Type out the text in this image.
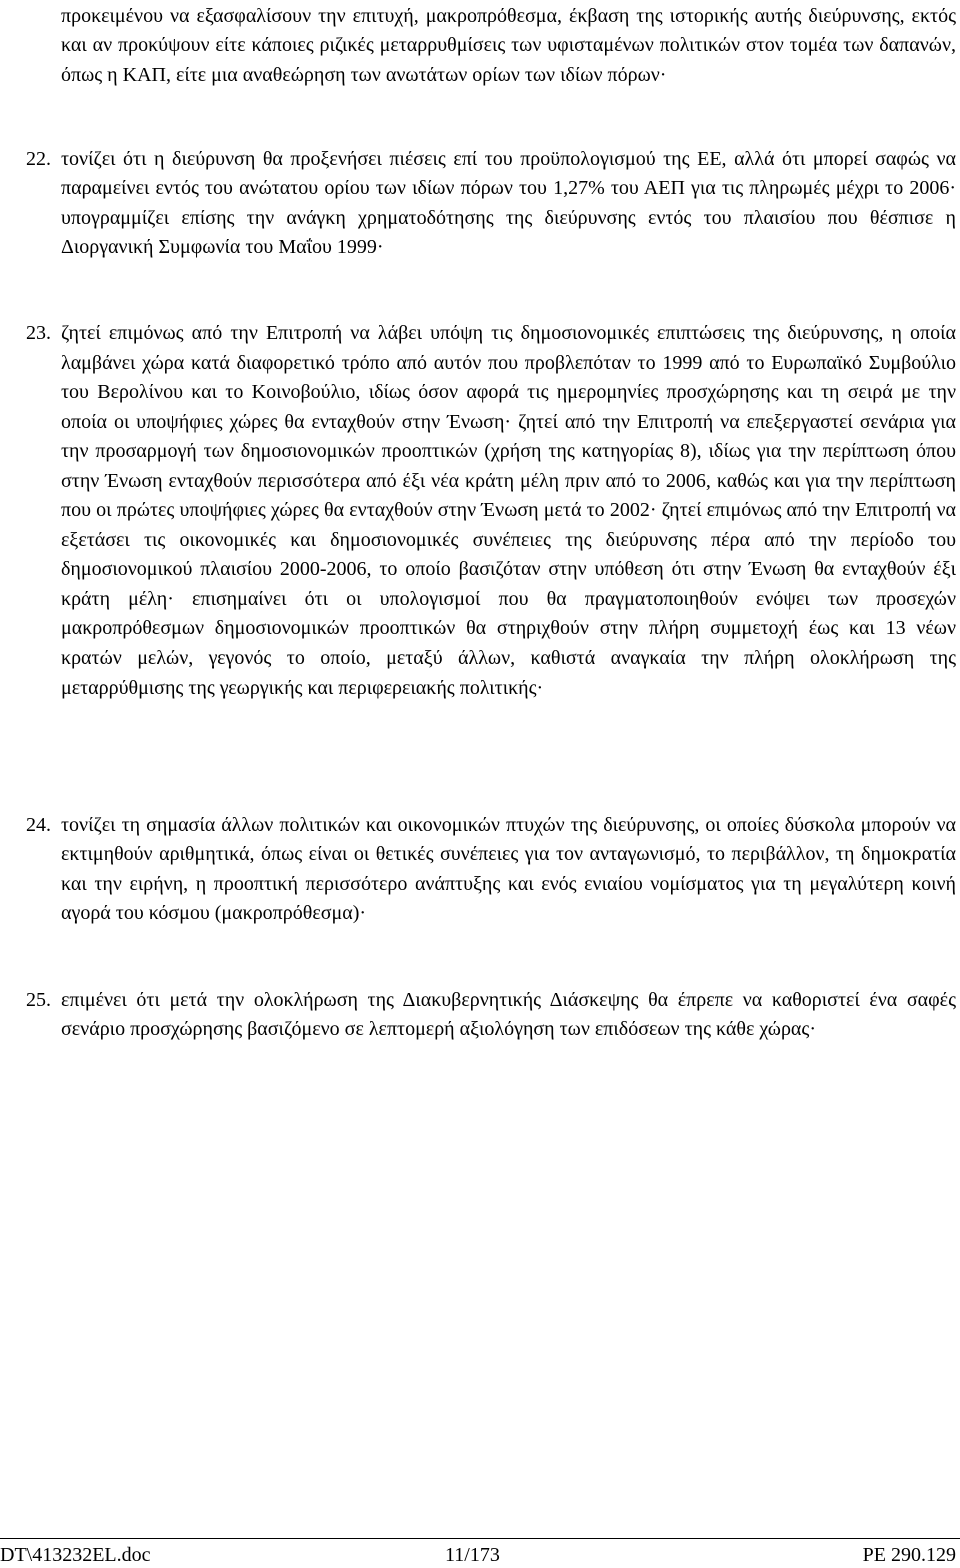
προκειμένου να εξασφαλίσουν την επιτυχή, μακροπρόθεσμα, έκβαση της ιστορικής αυτής διεύρυνσης, εκτός και αν προκύψουν είτε κάποιες ριζικές μεταρρυθμίσεις των υφισταμένων πολιτικών στον τομέα των δαπανών, όπως η ΚΑΠ, είτε μια αναθεώρηση των ανωτάτων ορίων των ιδίων πόρων·
22. τονίζει ότι η διεύρυνση θα προξενήσει πιέσεις επί του προϋπολογισμού της ΕΕ, αλλά ότι μπορεί σαφώς να παραμείνει εντός του ανώτατου ορίου των ιδίων πόρων του 1,27% του ΑΕΠ για τις πληρωμές μέχρι το 2006· υπογραμμίζει επίσης την ανάγκη χρηματοδότησης της διεύρυνσης εντός του πλαισίου που θέσπισε η Διοργανική Συμφωνία του Μαΐου 1999·
23. ζητεί επιμόνως από την Επιτροπή να λάβει υπόψη τις δημοσιονομικές επιπτώσεις της διεύρυνσης, η οποία λαμβάνει χώρα κατά διαφορετικό τρόπο από αυτόν που προβλεπόταν το 1999 από το Ευρωπαϊκό Συμβούλιο του Βερολίνου και το Κοινοβούλιο, ιδίως όσον αφορά τις ημερομηνίες προσχώρησης και τη σειρά με την οποία οι υποψήφιες χώρες θα ενταχθούν στην Ένωση· ζητεί από την Επιτροπή να επεξεργαστεί σενάρια για την προσαρμογή των δημοσιονομικών προοπτικών (χρήση της κατηγορίας 8), ιδίως για την περίπτωση όπου στην Ένωση ενταχθούν περισσότερα από έξι νέα κράτη μέλη πριν από το 2006, καθώς και για την περίπτωση που οι πρώτες υποψήφιες χώρες θα ενταχθούν στην Ένωση μετά το 2002· ζητεί επιμόνως από την Επιτροπή να εξετάσει τις οικονομικές και δημοσιονομικές συνέπειες της διεύρυνσης πέρα από την περίοδο του δημοσιονομικού πλαισίου 2000-2006, το οποίο βασιζόταν στην υπόθεση ότι στην Ένωση θα ενταχθούν έξι κράτη μέλη· επισημαίνει ότι οι υπολογισμοί που θα πραγματοποιηθούν ενόψει των προσεχών μακροπρόθεσμων δημοσιονομικών προοπτικών θα στηριχθούν στην πλήρη συμμετοχή έως και 13 νέων κρατών μελών, γεγονός το οποίο, μεταξύ άλλων, καθιστά αναγκαία την πλήρη ολοκλήρωση της μεταρρύθμισης της γεωργικής και περιφερειακής πολιτικής·
24. τονίζει τη σημασία άλλων πολιτικών και οικονομικών πτυχών της διεύρυνσης, οι οποίες δύσκολα μπορούν να εκτιμηθούν αριθμητικά, όπως είναι οι θετικές συνέπειες για τον ανταγωνισμό, το περιβάλλον, τη δημοκρατία και την ειρήνη, η προοπτική περισσότερο ανάπτυξης και ενός ενιαίου νομίσματος για τη μεγαλύτερη κοινή αγορά του κόσμου (μακροπρόθεσμα)·
25. επιμένει ότι μετά την ολοκλήρωση της Διακυβερνητικής Διάσκεψης θα έπρεπε να καθοριστεί ένα σαφές σενάριο προσχώρησης βασιζόμενο σε λεπτομερή αξιολόγηση των επιδόσεων της κάθε χώρας·
DT\413232EL.doc	11/173	PE 290.129
